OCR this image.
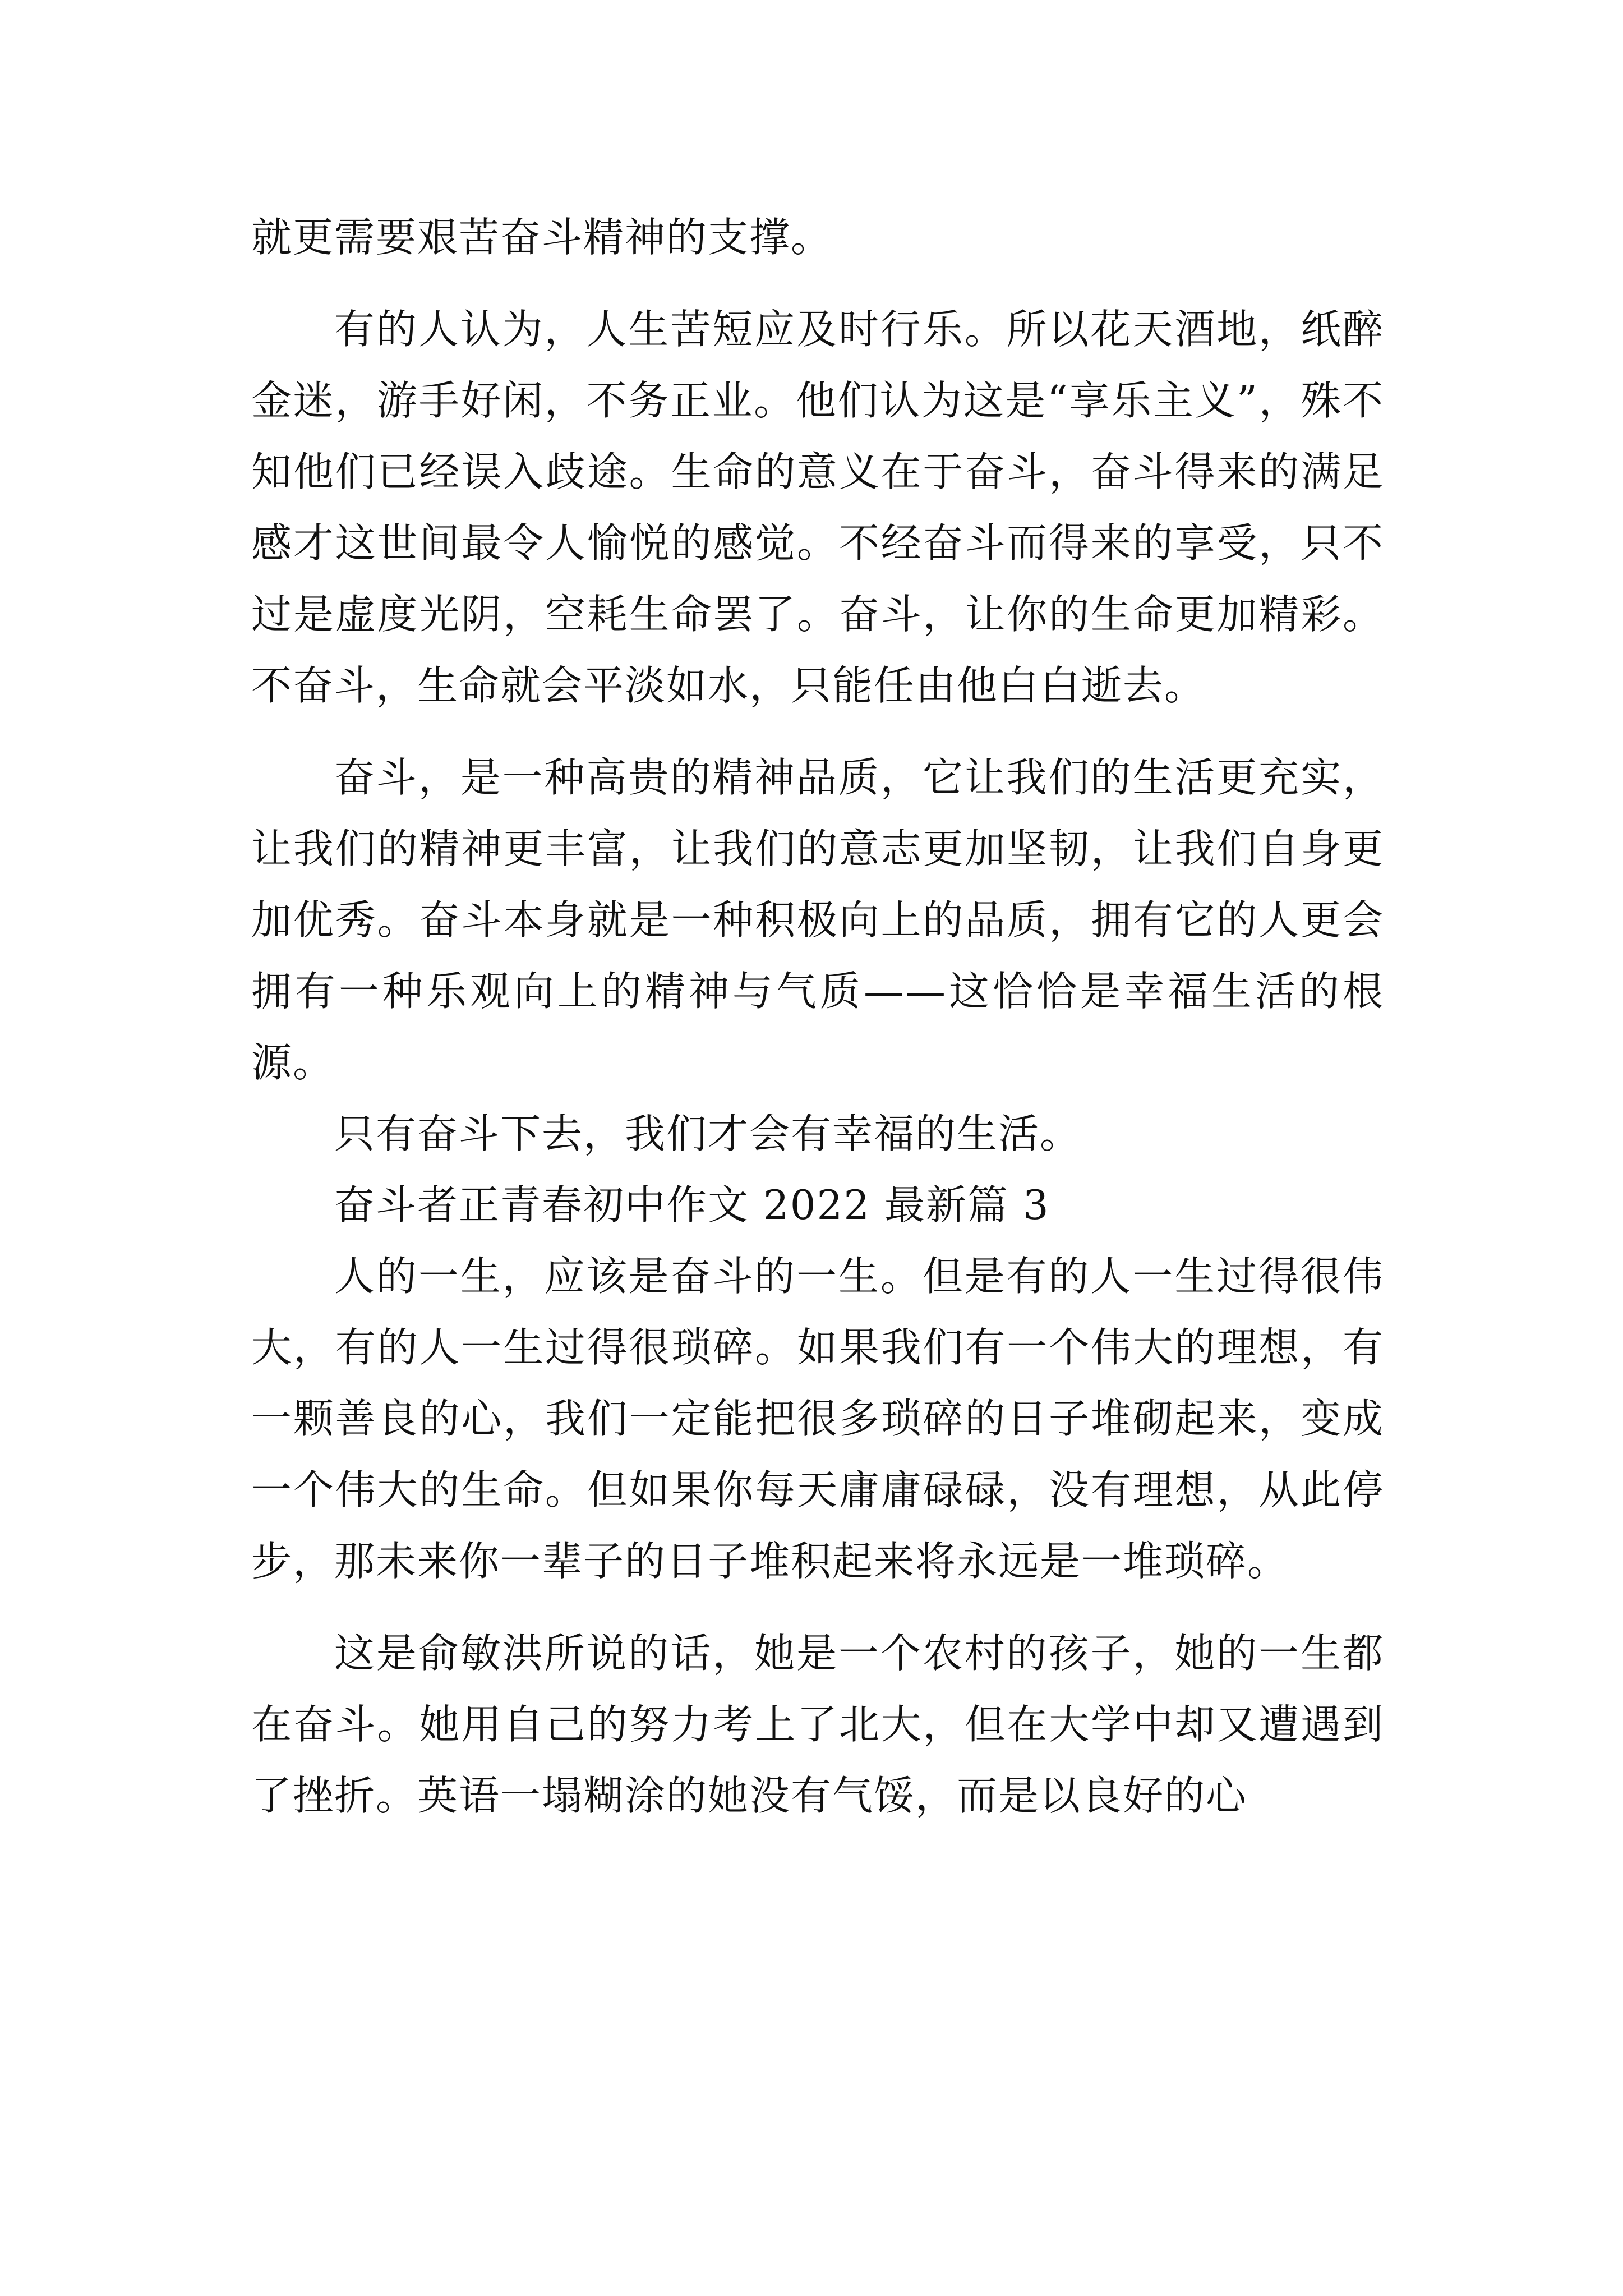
就更需要艰苦奋斗精神的支撑。

有的人认为，人生苦短应及时行乐。所以花天酒地，纸醉金迷，游手好闲，不务正业。他们认为这是“享乐主义”，殊不知他们已经误入歧途。生命的意义在于奋斗，奋斗得来的满足感才这世间最令人愉悦的感觉。不经奋斗而得来的享受，只不过是虚度光阴，空耗生命罢了。奋斗，让你的生命更加精彩。不奋斗，生命就会平淡如水，只能任由他白白逝去。

奋斗，是一种高贵的精神品质，它让我们的生活更充实，让我们的精神更丰富，让我们的意志更加坚韧，让我们自身更加优秀。奋斗本身就是一种积极向上的品质，拥有它的人更会拥有一种乐观向上的精神与气质——这恰恰是幸福生活的根源。

只有奋斗下去，我们才会有幸福的生活。

奋斗者正青春初中作文 2022 最新篇 3

人的一生，应该是奋斗的一生。但是有的人一生过得很伟大，有的人一生过得很琐碎。如果我们有一个伟大的理想，有一颗善良的心，我们一定能把很多琐碎的日子堆砌起来，变成一个伟大的生命。但如果你每天庸庸碌碌，没有理想，从此停步，那未来你一辈子的日子堆积起来将永远是一堆琐碎。

这是俞敏洪所说的话，她是一个农村的孩子，她的一生都在奋斗。她用自己的努力考上了北大，但在大学中却又遭遇到了挫折。英语一塌糊涂的她没有气馁，而是以良好的心
